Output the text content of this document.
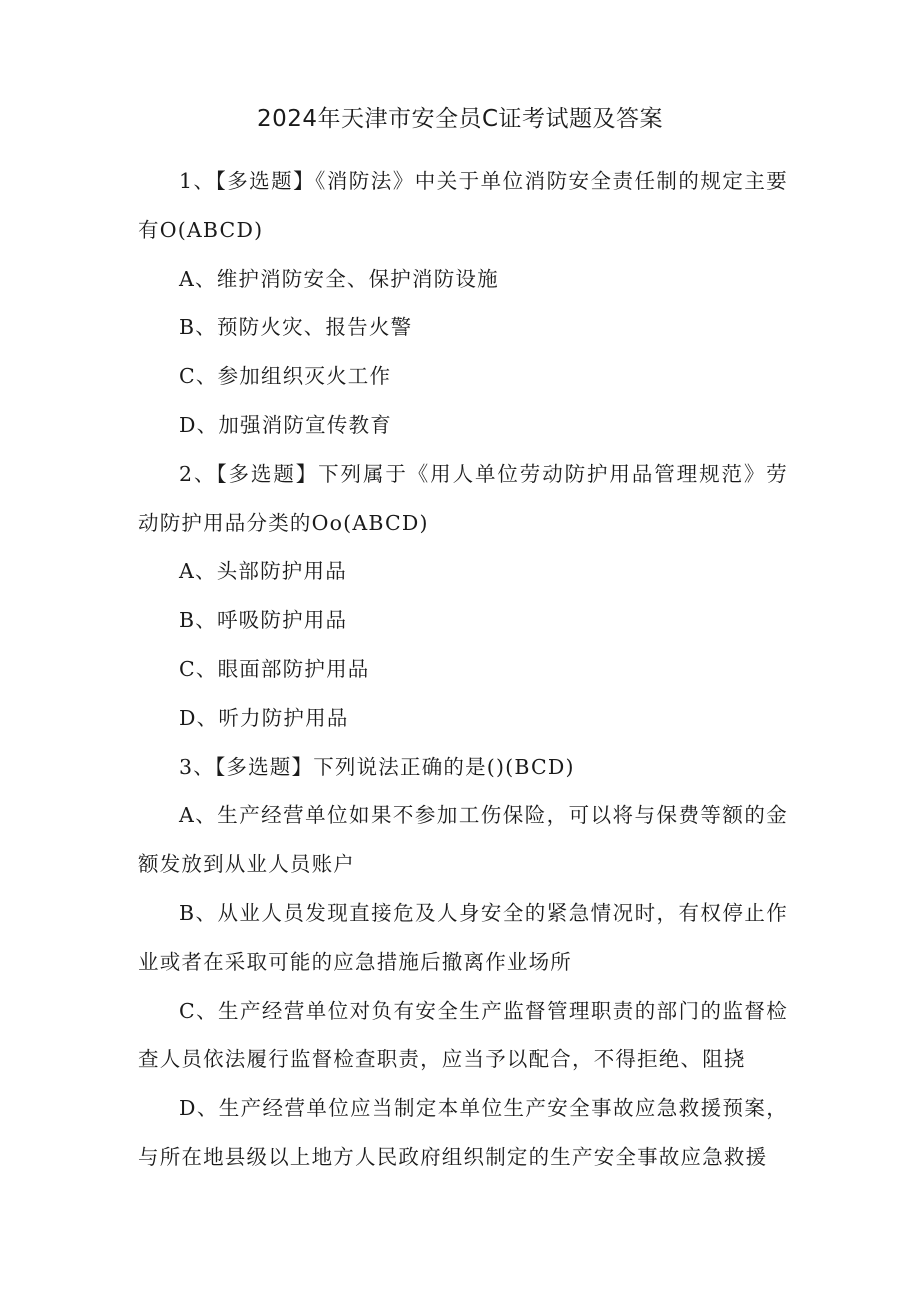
2024年天津市安全员C证考试题及答案

1、【多选题】《消防法》中关于单位消防安全责任制的规定主要有O(ABCD)

A、维护消防安全、保护消防设施

B、预防火灾、报告火警

C、参加组织灭火工作

D、加强消防宣传教育

2、【多选题】下列属于《用人单位劳动防护用品管理规范》劳动防护用品分类的Oo(ABCD)

A、头部防护用品

B、呼吸防护用品

C、眼面部防护用品

D、听力防护用品

3、【多选题】下列说法正确的是()(BCD)

A、生产经营单位如果不参加工伤保险，可以将与保费等额的金额发放到从业人员账户

B、从业人员发现直接危及人身安全的紧急情况时，有权停止作业或者在采取可能的应急措施后撤离作业场所

C、生产经营单位对负有安全生产监督管理职责的部门的监督检查人员依法履行监督检查职责，应当予以配合，不得拒绝、阻挠

D、生产经营单位应当制定本单位生产安全事故应急救援预案，与所在地县级以上地方人民政府组织制定的生产安全事故应急救援
